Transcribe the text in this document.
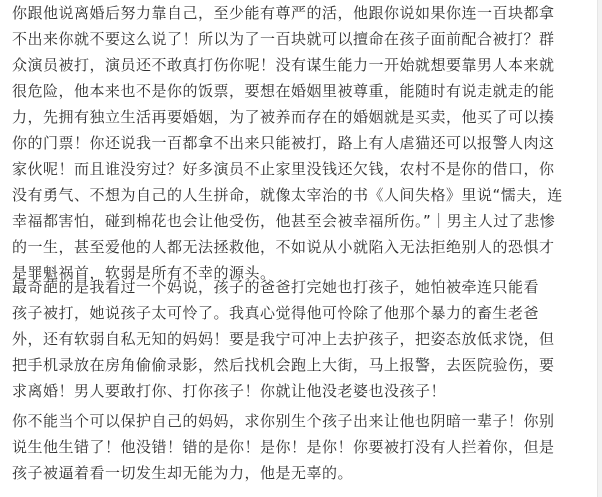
你跟他说离婚后努力靠自己，至少能有尊严的活，他跟你说如果你连一百块都拿

不出来你就不要这么说了！所以为了一百块就可以擅命在孩子面前配合被打？群

众演员被打，演员还不敢真打伤你呢！没有谋生能力一开始就想要靠男人本来就

很危险，他本来也不是你的饭票，要想在婚姻里被尊重，能随时有说走就走的能

力，先拥有独立生活再要婚姻，为了被养而存在的婚姻就是买卖，他买了可以揍

你的门票！你还说我一百都拿不出来只能被打，路上有人虐猫还可以报警人肉这

家伙呢！而且谁没穷过？好多演员不止家里没钱还欠钱，农村不是你的借口，你

没有勇气、不想为自己的人生拼命，就像太宰治的书《人间失格》里说“懦夫，连

幸福都害怕，碰到棉花也会让他受伤，他甚至会被幸福所伤。”｜男主人过了悲惨

的一生，甚至爱他的人都无法拯救他，不如说从小就陷入无法拒绝别人的恐惧才

是罪魁祸首，软弱是所有不幸的源头。

最奇葩的是我看过一个妈说，孩子的爸爸打完她也打孩子，她怕被牵连只能看

孩子被打，她说孩子太可怜了。我真心觉得他可怜除了他那个暴力的畜生老爸

外，还有软弱自私无知的妈妈！要是我宁可冲上去护孩子，把姿态放低求饶，但

把手机录放在房角偷偷录影，然后找机会跑上大街，马上报警，去医院验伤，要

求离婚！男人要敢打你、打你孩子！你就让他没老婆也没孩子！

你不能当个可以保护自己的妈妈，求你别生个孩子出来让他也阴暗一辈子！你别

说生他生错了！他没错！错的是你！是你！是你！你要被打没有人拦着你，但是

孩子被逼着看一切发生却无能为力，他是无辜的。
